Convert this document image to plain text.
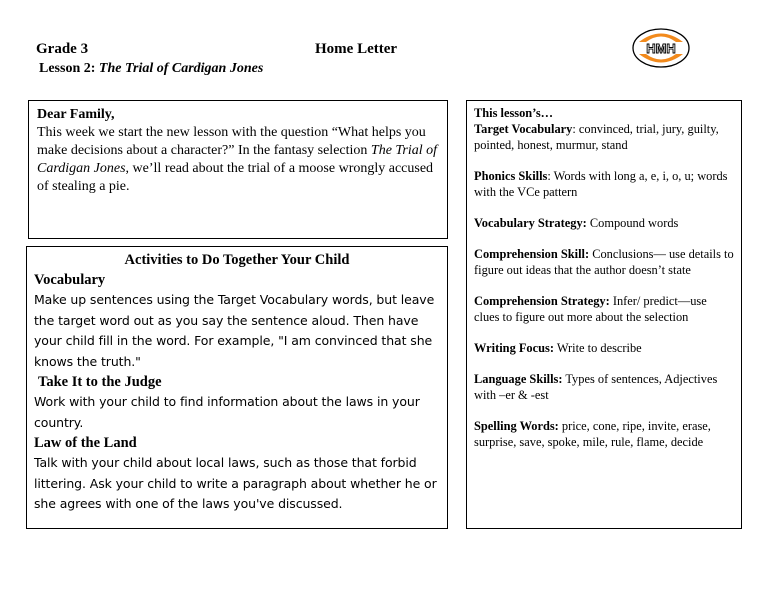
Grade 3	Home Letter
Lesson 2: The Trial of Cardigan Jones
HMH
Dear Family,
This week we start the new lesson with the question “What helps you make decisions about a character?” In the fantasy selection The Trial of Cardigan Jones, we’ll read about the trial of a moose wrongly accused of stealing a pie.
Activities to Do Together Your Child
Vocabulary
Make up sentences using the Target Vocabulary words, but leave the target word out as you say the sentence aloud. Then have your child fill in the word. For example, "I am convinced that she knows the truth."
Take It to the Judge
Work with your child to find information about the laws in your country.
Law of the Land
Talk with your child about local laws, such as those that forbid littering. Ask your child to write a paragraph about whether he or she agrees with one of the laws you've discussed.
This lesson’s…

Target Vocabulary: convinced, trial, jury, guilty, pointed, honest, murmur, stand

Phonics Skills: Words with long a, e, i, o, u; words with the VCe pattern

Vocabulary Strategy: Compound words

Comprehension Skill: Conclusions— use details to figure out ideas that the author doesn’t state

Comprehension Strategy: Infer/ predict—use clues to figure out more about the selection

Writing Focus: Write to describe

Language Skills: Types of sentences, Adjectives with –er & -est

Spelling Words: price, cone, ripe, invite, erase, surprise, save, spoke, mile, rule, flame, decide
